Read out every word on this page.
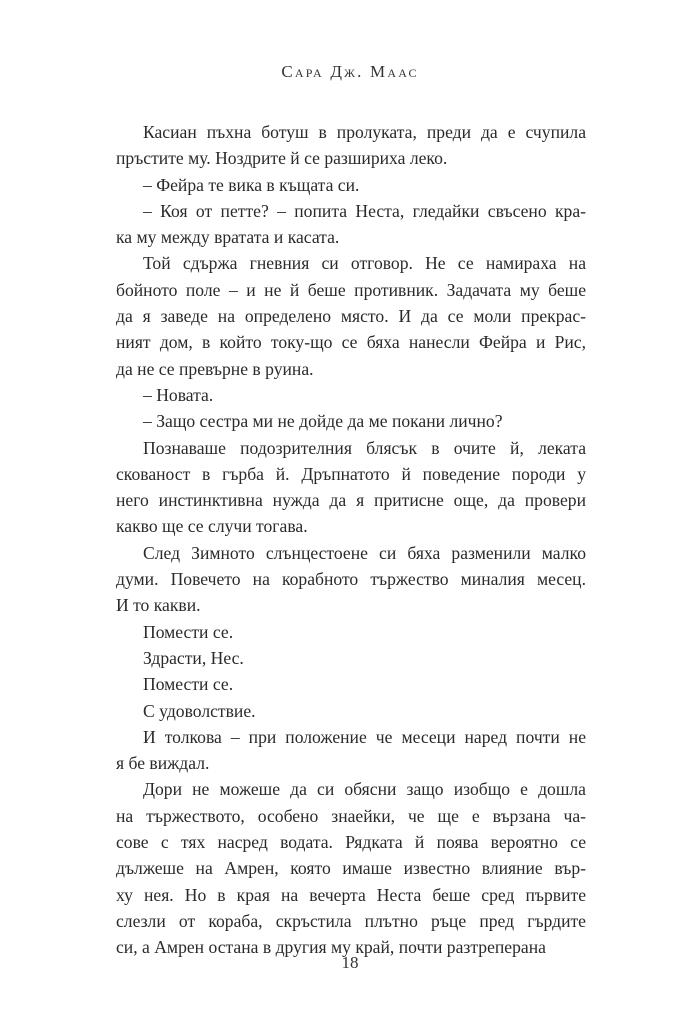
Сара Дж. Маас
Касиан пъхна ботуш в пролуката, преди да е счупила
пръстите му. Ноздрите й се разшириха леко.
– Фейра те вика в къщата си.
– Коя от петте? – попита Неста, гледайки свъсено кра-
ка му между вратата и касата.
Той сдържа гневния си отговор. Не се намираха на
бойното поле – и не й беше противник. Задачата му беше
да я заведе на определено място. И да се моли прекрас-
ният дом, в който току-що се бяха нанесли Фейра и Рис,
да не се превърне в руина.
– Новата.
– Защо сестра ми не дойде да ме покани лично?
Познаваше подозрителния блясък в очите й, леката
скованост в гърба й. Дръпнатото й поведение породи у
него инстинктивна нужда да я притисне още, да провери
какво ще се случи тогава.
След Зимното слънцестоене си бяха разменили малко
думи. Повечето на корабното тържество миналия месец.
И то какви.
Помести се.
Здрасти, Нес.
Помести се.
С удоволствие.
И толкова – при положение че месеци наред почти не
я бе виждал.
Дори не можеше да си обясни защо изобщо е дошла
на тържеството, особено знаейки, че ще е вързана ча-
сове с тях насред водата. Рядката й поява вероятно се
дължеше на Амрен, която имаше известно влияние вър-
ху нея. Но в края на вечерта Неста беше сред първите
слезли от кораба, скръстила плътно ръце пред гърдите
си, а Амрен остана в другия му край, почти разтреперана
18
